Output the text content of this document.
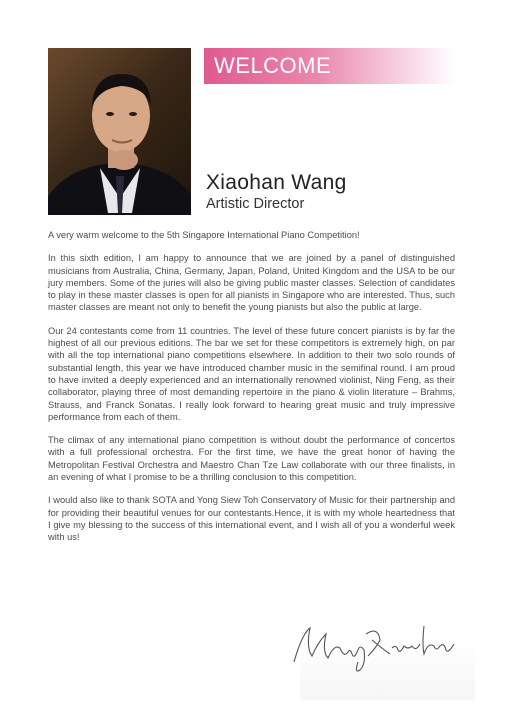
WELCOME
Xiaohan Wang
Artistic Director

A very warm welcome to the 5th Singapore International Piano Competition!

In this sixth edition, I am happy to announce that we are joined by a panel of distinguished musicians from Australia, China, Germany, Japan, Poland, United Kingdom and the USA to be our jury members. Some of the juries will also be giving public master classes. Selection of candidates to play in these master classes is open for all pianists in Singapore who are interested. Thus, such master classes are meant not only to benefit the young pianists but also the public at large.

Our 24 contestants come from 11 countries. The level of these future concert pianists is by far the highest of all our previous editions. The bar we set for these competitors is extremely high, on par with all the top international piano competitions elsewhere. In addition to their two solo rounds of substantial length, this year we have introduced chamber music in the semifinal round. I am proud to have invited a deeply experienced and an internationally renowned violinist, Ning Feng, as their collaborator, playing three of most demanding repertoire in the piano & violin literature – Brahms, Strauss, and Franck Sonatas. I really look forward to hearing great music and truly impressive performance from each of them.

The climax of any international piano competition is without doubt the performance of concertos with a full professional orchestra. For the first time, we have the great honor of having the Metropolitan Festival Orchestra and Maestro Chan Tze Law collaborate with our three finalists, in an evening of what I promise to be a thrilling conclusion to this competition.

I would also like to thank SOTA and Yong Siew Toh Conservatory of Music for their partnership and for providing their beautiful venues for our contestants.Hence, it is with my whole heartedness that I give my blessing to the success of this international event, and I wish all of you a wonderful week with us!
